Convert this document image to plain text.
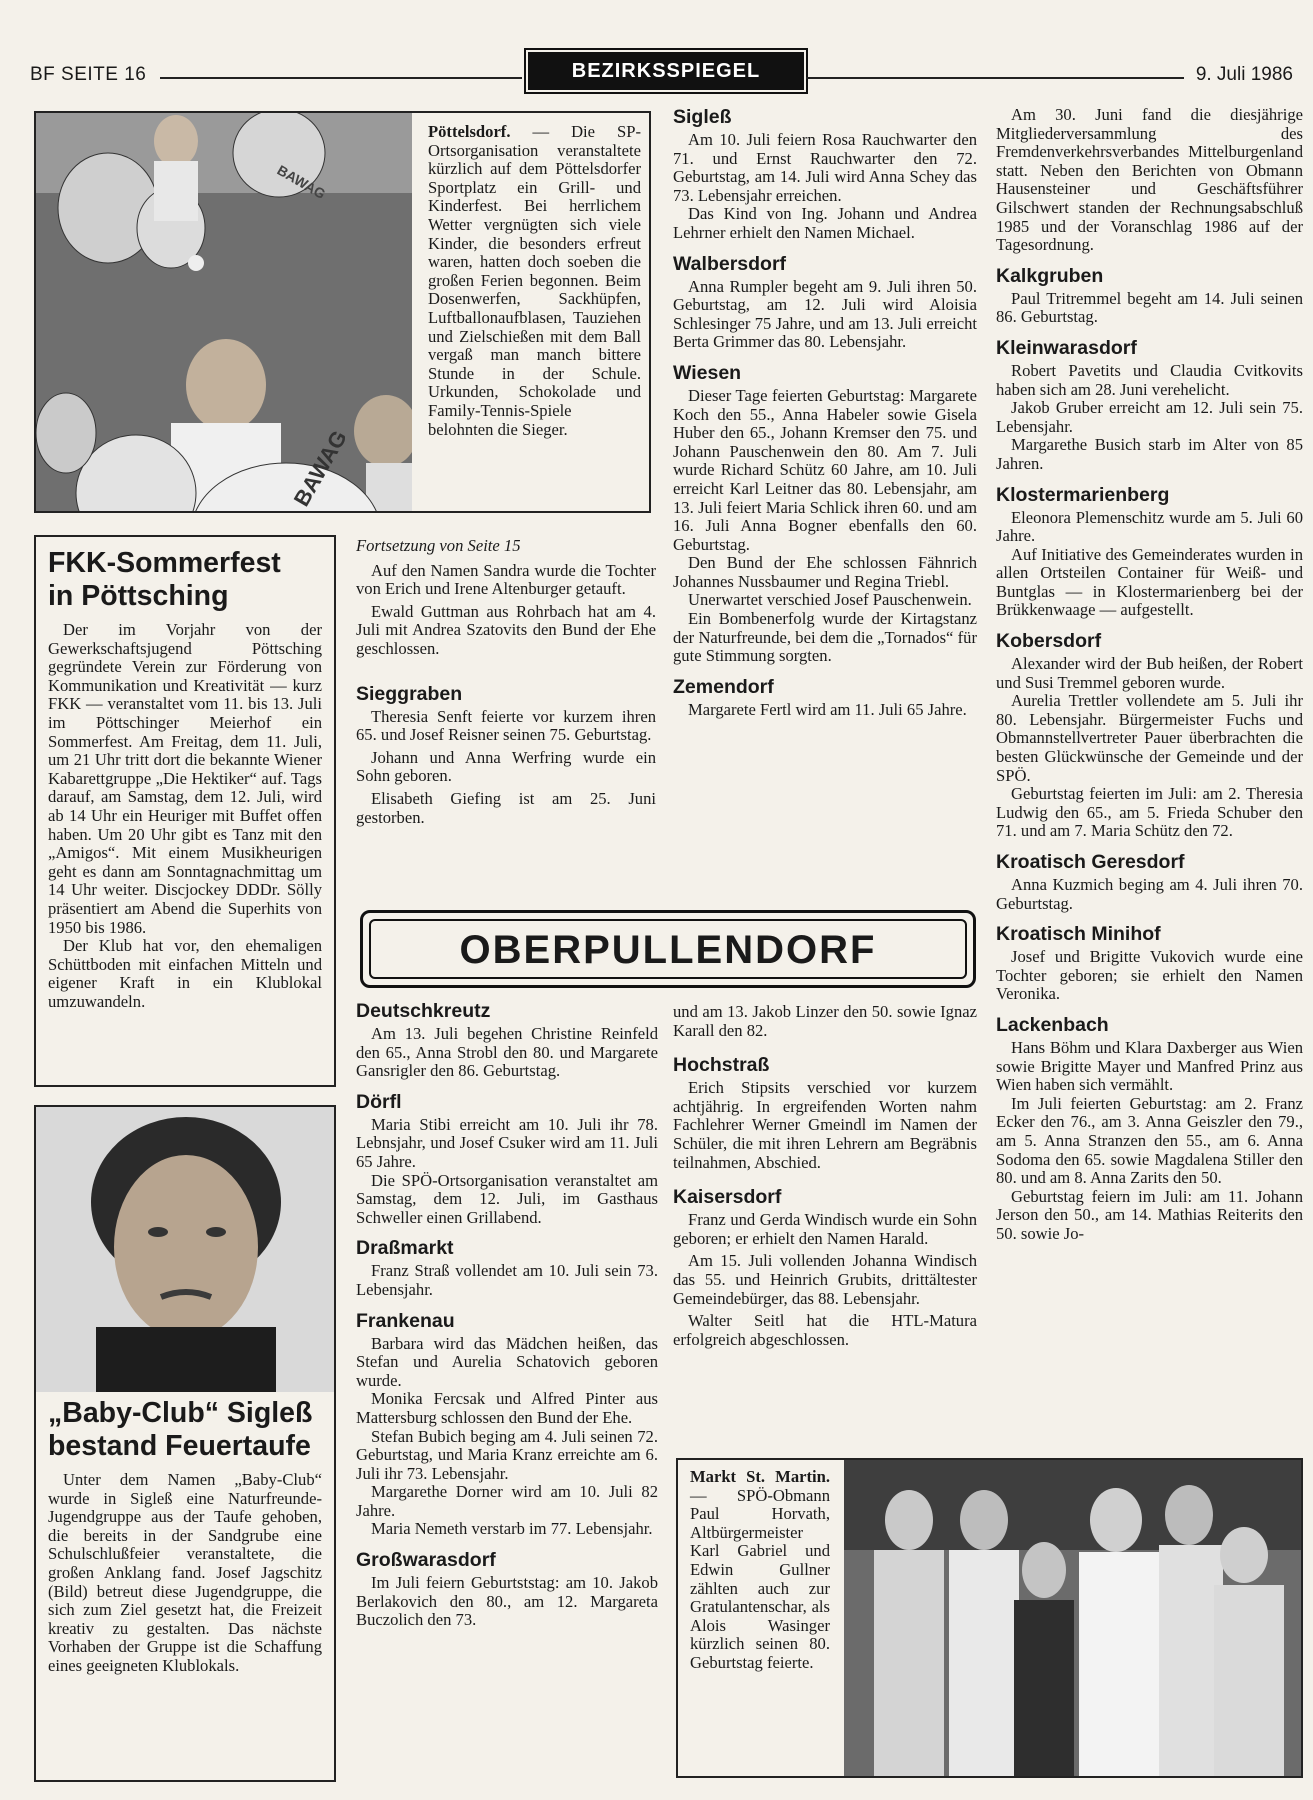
BF SEITE 16	BEZIRKSSPIEGEL	9. Juli 1986
BAWAG
BAWAG

Pöttelsdorf. — Die SP-Ortsorganisation veranstaltete kürzlich auf dem Pöttelsdorfer Sportplatz ein Grill- und Kinderfest. Bei herrlichem Wetter vergnügten sich viele Kinder, die besonders erfreut waren, hatten doch soeben die großen Ferien begonnen. Beim Dosenwerfen, Sackhüpfen, Luftballonaufblasen, Tauziehen und Zielschießen mit dem Ball vergaß man manch bittere Stunde in der Schule. Urkunden, Schokolade und Family-Tennis-Spiele belohnten die Sieger.

FKK-Sommerfest
in Pöttsching

Der im Vorjahr von der Gewerkschaftsjugend Pöttsching gegründete Verein zur Förderung von Kommunikation und Kreativität — kurz FKK — veranstaltet vom 11. bis 13. Juli im Pöttschinger Meierhof ein Sommerfest. Am Freitag, dem 11. Juli, um 21 Uhr tritt dort die bekannte Wiener Kabarettgruppe „Die Hektiker“ auf. Tags darauf, am Samstag, dem 12. Juli, wird ab 14 Uhr ein Heuriger mit Buffet offen haben. Um 20 Uhr gibt es Tanz mit den „Amigos“. Mit einem Musikheurigen geht es dann am Sonntagnachmittag um 14 Uhr weiter. Discjockey DDDr. Sölly präsentiert am Abend die Superhits von 1950 bis 1986.

Der Klub hat vor, den ehemaligen Schüttboden mit einfachen Mitteln und eigener Kraft in ein Klublokal umzuwandeln.

„Baby-Club“ Sigleß
bestand Feuertaufe

Unter dem Namen „Baby-Club“ wurde in Sigleß eine Naturfreunde-Jugendgruppe aus der Taufe gehoben, die bereits in der Sandgrube eine Schulschlußfeier veranstaltete, die großen Anklang fand. Josef Jagschitz (Bild) betreut diese Jugendgruppe, die sich zum Ziel gesetzt hat, die Freizeit kreativ zu gestalten. Das nächste Vorhaben der Gruppe ist die Schaffung eines geeigneten Klublokals.

Fortsetzung von Seite 15

Auf den Namen Sandra wurde die Tochter von Erich und Irene Altenburger getauft.

Ewald Guttman aus Rohrbach hat am 4. Juli mit Andrea Szatovits den Bund der Ehe geschlossen.

Sieggraben

Theresia Senft feierte vor kurzem ihren 65. und Josef Reisner seinen 75. Geburtstag.

Johann und Anna Werfring wurde ein Sohn geboren.

Elisabeth Giefing ist am 25. Juni gestorben.

Sigleß

Am 10. Juli feiern Rosa Rauchwarter den 71. und Ernst Rauchwarter den 72. Geburtstag, am 14. Juli wird Anna Schey das 73. Lebensjahr erreichen.

Das Kind von Ing. Johann und Andrea Lehrner erhielt den Namen Michael.

Walbersdorf

Anna Rumpler begeht am 9. Juli ihren 50. Geburtstag, am 12. Juli wird Aloisia Schlesinger 75 Jahre, und am 13. Juli erreicht Berta Grimmer das 80. Lebensjahr.

Wiesen

Dieser Tage feierten Geburtstag: Margarete Koch den 55., Anna Habeler sowie Gisela Huber den 65., Johann Kremser den 75. und Johann Pauschenwein den 80. Am 7. Juli wurde Richard Schütz 60 Jahre, am 10. Juli erreicht Karl Leitner das 80. Lebensjahr, am 13. Juli feiert Maria Schlick ihren 60. und am 16. Juli Anna Bogner ebenfalls den 60. Geburtstag.

Den Bund der Ehe schlossen Fähnrich Johannes Nussbaumer und Regina Triebl.

Unerwartet verschied Josef Pauschenwein.

Ein Bombenerfolg wurde der Kirtagstanz der Naturfreunde, bei dem die „Tornados“ für gute Stimmung sorgten.

Zemendorf

Margarete Fertl wird am 11. Juli 65 Jahre.

Am 30. Juni fand die diesjährige Mitgliederversammlung des Fremdenverkehrsverbandes Mittelburgenland statt. Neben den Berichten von Obmann Hausensteiner und Geschäftsführer Gilschwert standen der Rechnungsabschluß 1985 und der Voranschlag 1986 auf der Tagesordnung.

Kalkgruben

Paul Tritremmel begeht am 14. Juli seinen 86. Geburtstag.

Kleinwarasdorf

Robert Pavetits und Claudia Cvitkovits haben sich am 28. Juni verehelicht.

Jakob Gruber erreicht am 12. Juli sein 75. Lebensjahr.

Margarethe Busich starb im Alter von 85 Jahren.

Klostermarienberg

Eleonora Plemenschitz wurde am 5. Juli 60 Jahre.

Auf Initiative des Gemeinderates wurden in allen Ortsteilen Container für Weiß- und Buntglas — in Klostermarienberg bei der Brükkenwaage — aufgestellt.

Kobersdorf

Alexander wird der Bub heißen, der Robert und Susi Tremmel geboren wurde.

Aurelia Trettler vollendete am 5. Juli ihr 80. Lebensjahr. Bürgermeister Fuchs und Obmannstellvertreter Pauer überbrachten die besten Glückwünsche der Gemeinde und der SPÖ.

Geburtstag feierten im Juli: am 2. Theresia Ludwig den 65., am 5. Frieda Schuber den 71. und am 7. Maria Schütz den 72.

Kroatisch Geresdorf

Anna Kuzmich beging am 4. Juli ihren 70. Geburtstag.

Kroatisch Minihof

Josef und Brigitte Vukovich wurde eine Tochter geboren; sie erhielt den Namen Veronika.

Lackenbach

Hans Böhm und Klara Daxberger aus Wien sowie Brigitte Mayer und Manfred Prinz aus Wien haben sich vermählt.

Im Juli feierten Geburtstag: am 2. Franz Ecker den 76., am 3. Anna Geiszler den 79., am 5. Anna Stranzen den 55., am 6. Anna Sodoma den 65. sowie Magdalena Stiller den 80. und am 8. Anna Zarits den 50.

Geburtstag feiern im Juli: am 11. Johann Jerson den 50., am 14. Mathias Reiterits den 50. sowie Jo-

OBERPULLENDORF
Deutschkreutz

Am 13. Juli begehen Christine Reinfeld den 65., Anna Strobl den 80. und Margarete Gansrigler den 86. Geburtstag.

Dörfl

Maria Stibi erreicht am 10. Juli ihr 78. Lebnsjahr, und Josef Csuker wird am 11. Juli 65 Jahre.

Die SPÖ-Ortsorganisation veranstaltet am Samstag, dem 12. Juli, im Gasthaus Schweller einen Grillabend.

Draßmarkt

Franz Straß vollendet am 10. Juli sein 73. Lebensjahr.

Frankenau

Barbara wird das Mädchen heißen, das Stefan und Aurelia Schatovich geboren wurde.

Monika Fercsak und Alfred Pinter aus Mattersburg schlossen den Bund der Ehe.

Stefan Bubich beging am 4. Juli seinen 72. Geburtstag, und Maria Kranz erreichte am 6. Juli ihr 73. Lebensjahr.

Margarethe Dorner wird am 10. Juli 82 Jahre.

Maria Nemeth verstarb im 77. Lebensjahr.

Großwarasdorf

Im Juli feiern Geburtststag: am 10. Jakob Berlakovich den 80., am 12. Margareta Buczolich den 73.

und am 13. Jakob Linzer den 50. sowie Ignaz Karall den 82.

Hochstraß

Erich Stipsits verschied vor kurzem achtjährig. In ergreifenden Worten nahm Fachlehrer Werner Gmeindl im Namen der Schüler, die mit ihren Lehrern am Begräbnis teilnahmen, Abschied.

Kaisersdorf

Franz und Gerda Windisch wurde ein Sohn geboren; er erhielt den Namen Harald.

Am 15. Juli vollenden Johanna Windisch das 55. und Heinrich Grubits, drittältester Gemeindebürger, das 88. Lebensjahr.

Walter Seitl hat die HTL-Matura erfolgreich abgeschlossen.

Markt St. Martin. — SPÖ-Obmann Paul Horvath, Altbürgermeister Karl Gabriel und Edwin Gullner zählten auch zur Gratulantenschar, als Alois Wasinger kürzlich seinen 80. Geburtstag feierte.
